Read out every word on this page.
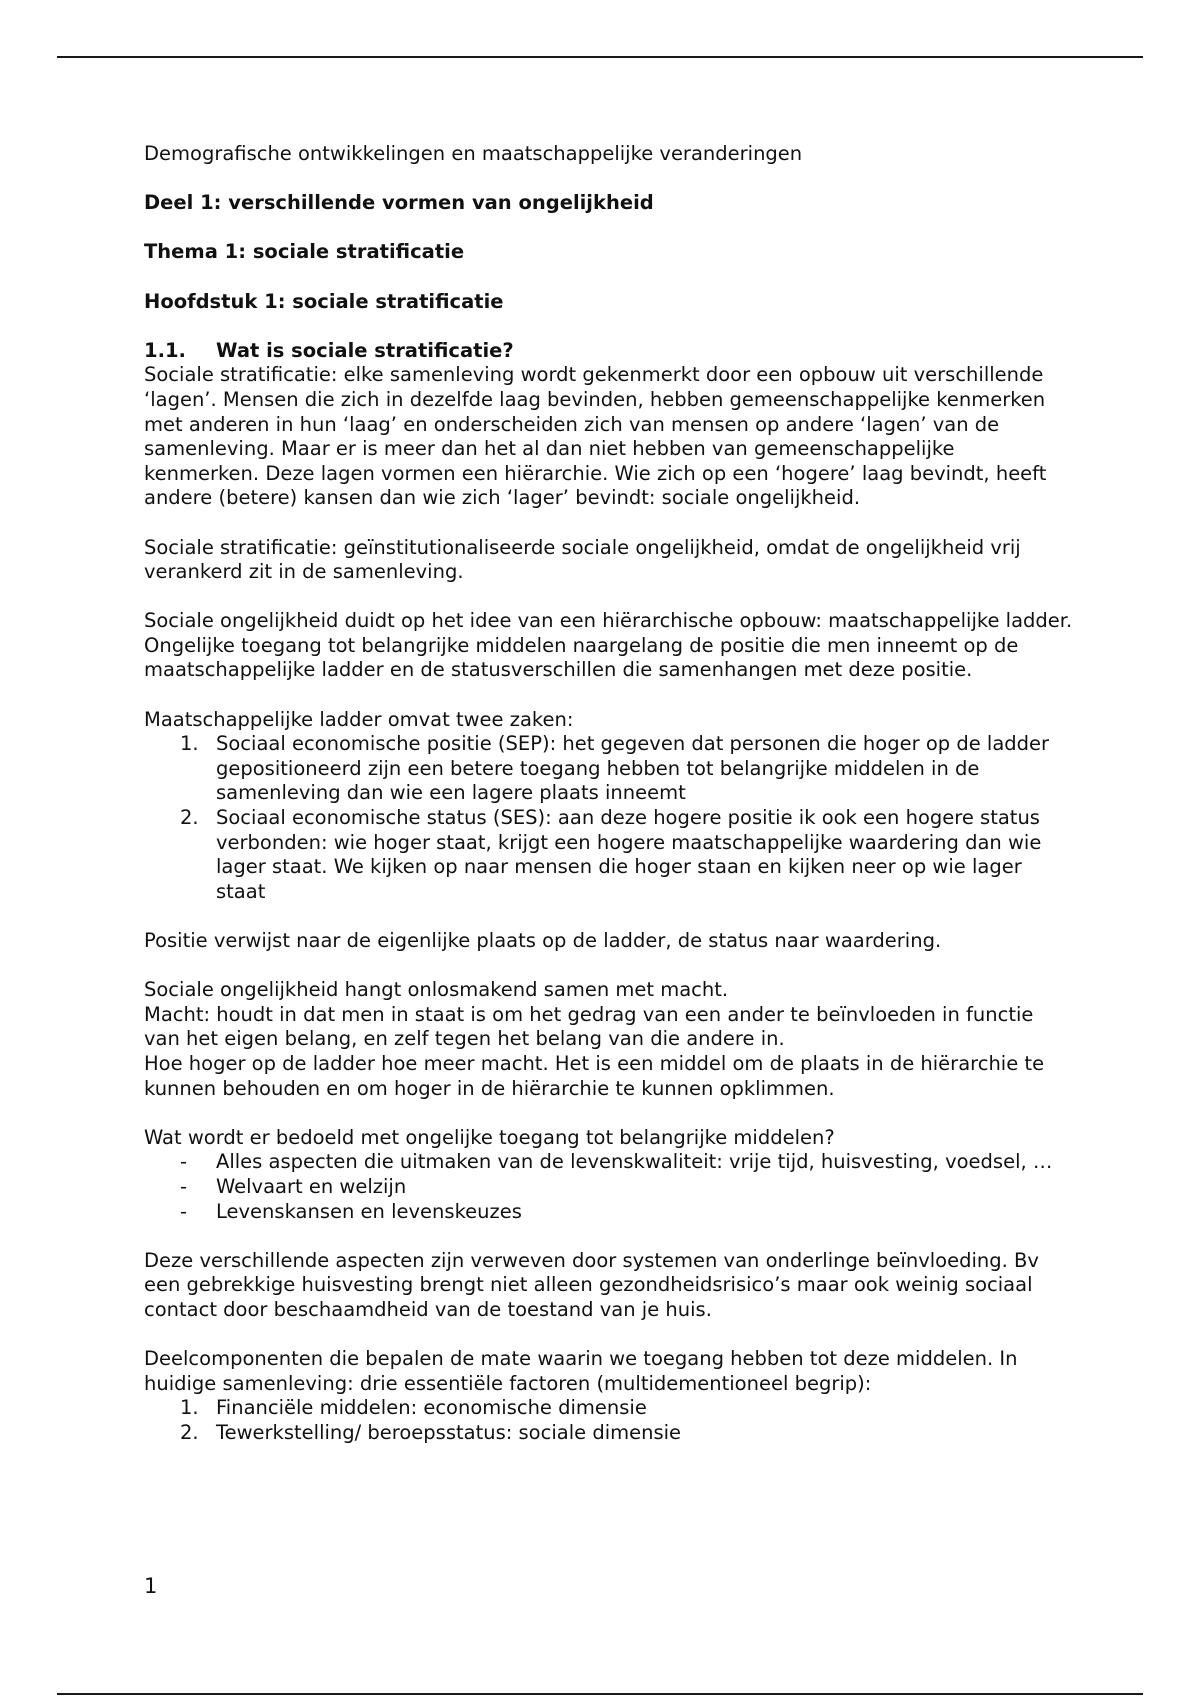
Demografische ontwikkelingen en maatschappelijke veranderingen

Deel 1: verschillende vormen van ongelijkheid
Thema 1: sociale stratificatie
Hoofdstuk 1: sociale stratificatie
1.1. Wat is sociale stratificatie?

Sociale stratificatie: elke samenleving wordt gekenmerkt door een opbouw uit verschillende ‘lagen’. Mensen die zich in dezelfde laag bevinden, hebben gemeenschappelijke kenmerken met anderen in hun ‘laag’ en onderscheiden zich van mensen op andere ‘lagen’ van de samenleving. Maar er is meer dan het al dan niet hebben van gemeenschappelijke kenmerken. Deze lagen vormen een hiërarchie. Wie zich op een ‘hogere’ laag bevindt, heeft andere (betere) kansen dan wie zich ‘lager’ bevindt: sociale ongelijkheid.

Sociale stratificatie: geïnstitutionaliseerde sociale ongelijkheid, omdat de ongelijkheid vrij verankerd zit in de samenleving.

Sociale ongelijkheid duidt op het idee van een hiërarchische opbouw: maatschappelijke ladder. Ongelijke toegang tot belangrijke middelen naargelang de positie die men inneemt op de maatschappelijke ladder en de statusverschillen die samenhangen met deze positie.

Maatschappelijke ladder omvat twee zaken:

1. Sociaal economische positie (SEP): het gegeven dat personen die hoger op de ladder gepositioneerd zijn een betere toegang hebben tot belangrijke middelen in de samenleving dan wie een lagere plaats inneemt
2. Sociaal economische status (SES): aan deze hogere positie ik ook een hogere status verbonden: wie hoger staat, krijgt een hogere maatschappelijke waardering dan wie lager staat. We kijken op naar mensen die hoger staan en kijken neer op wie lager staat

Positie verwijst naar de eigenlijke plaats op de ladder, de status naar waardering.

Sociale ongelijkheid hangt onlosmakend samen met macht.
Macht: houdt in dat men in staat is om het gedrag van een ander te beïnvloeden in functie van het eigen belang, en zelf tegen het belang van die andere in.
Hoe hoger op de ladder hoe meer macht. Het is een middel om de plaats in de hiërarchie te kunnen behouden en om hoger in de hiërarchie te kunnen opklimmen.

Wat wordt er bedoeld met ongelijke toegang tot belangrijke middelen?

-	Alles aspecten die uitmaken van de levenskwaliteit: vrije tijd, huisvesting, voedsel, …
-	Welvaart en welzijn
-	Levenskansen en levenskeuzes

Deze verschillende aspecten zijn verweven door systemen van onderlinge beïnvloeding. Bv een gebrekkige huisvesting brengt niet alleen gezondheidsrisico’s maar ook weinig sociaal contact door beschaamdheid van de toestand van je huis.

Deelcomponenten die bepalen de mate waarin we toegang hebben tot deze middelen. In huidige samenleving: drie essentiële factoren (multidementioneel begrip):

1. Financiële middelen: economische dimensie
2. Tewerkstelling/ beroepsstatus: sociale dimensie
1
